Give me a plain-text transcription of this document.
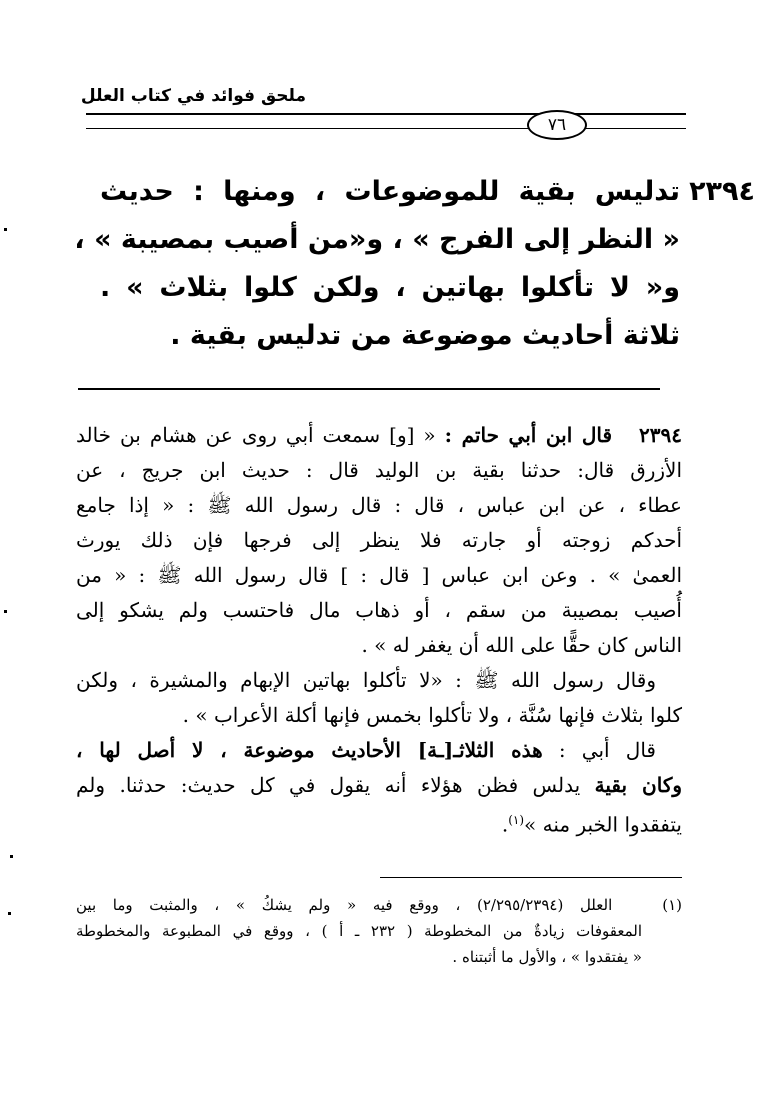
ملحق فوائد في كتاب العلل
٧٦
٢٣٩٤
تدليس بقية للموضوعات ، ومنها : حديث
« النظر إلى الفرج » ، و«من أصيب بمصيبة » ،
و« لا تأكلوا بهاتين ، ولكن كلوا بثلاث » .
ثلاثة أحاديث موضوعة من تدليس بقية .
٢٣٩٤   قال ابن أبي حاتم : « [و] سمعت أبي روى عن هشام بن خالد
الأزرق قال: حدثنا بقية بن الوليد قال : حديث ابن جريج ، عن
عطاء ، عن ابن عباس ، قال : قال رسول الله ﷺ : « إذا جامع
أحدكم زوجته أو جارته فلا ينظر إلى فرجها فإن ذلك يورث
العمىٰ » . وعن ابن عباس [ قال : ] قال رسول الله ﷺ : « من
أُصيب بمصيبة من سقم ، أو ذهاب مال فاحتسب ولم يشكو إلى
الناس كان حقًّا على الله أن يغفر له » .
وقال رسول الله ﷺ : «لا تأكلوا بهاتين الإبهام والمشيرة ، ولكن
كلوا بثلاث فإنها سُنَّة ، ولا تأكلوا بخمس فإنها أكلة الأعراب » .
قال أبي : هذه الثلاثـ[ـة] الأحاديث موضوعة ، لا أصل لها ،
وكان بقية يدلس فظن هؤلاء أنه يقول في كل حديث: حدثنا. ولم
يتفقدوا الخبر منه »$^{(١)}$.
(١)   العلل (٢/٢٩٥/٢٣٩٤) ، ووقع فيه « ولم يشكُ » ، والمثبت وما بين
المعقوفات زيادةٌ من المخطوطة ( ٢٣٢ ـ أ ) ، ووقع في المطبوعة والمخطوطة
« يفتقدوا » ، والأول ما أثبتناه .
